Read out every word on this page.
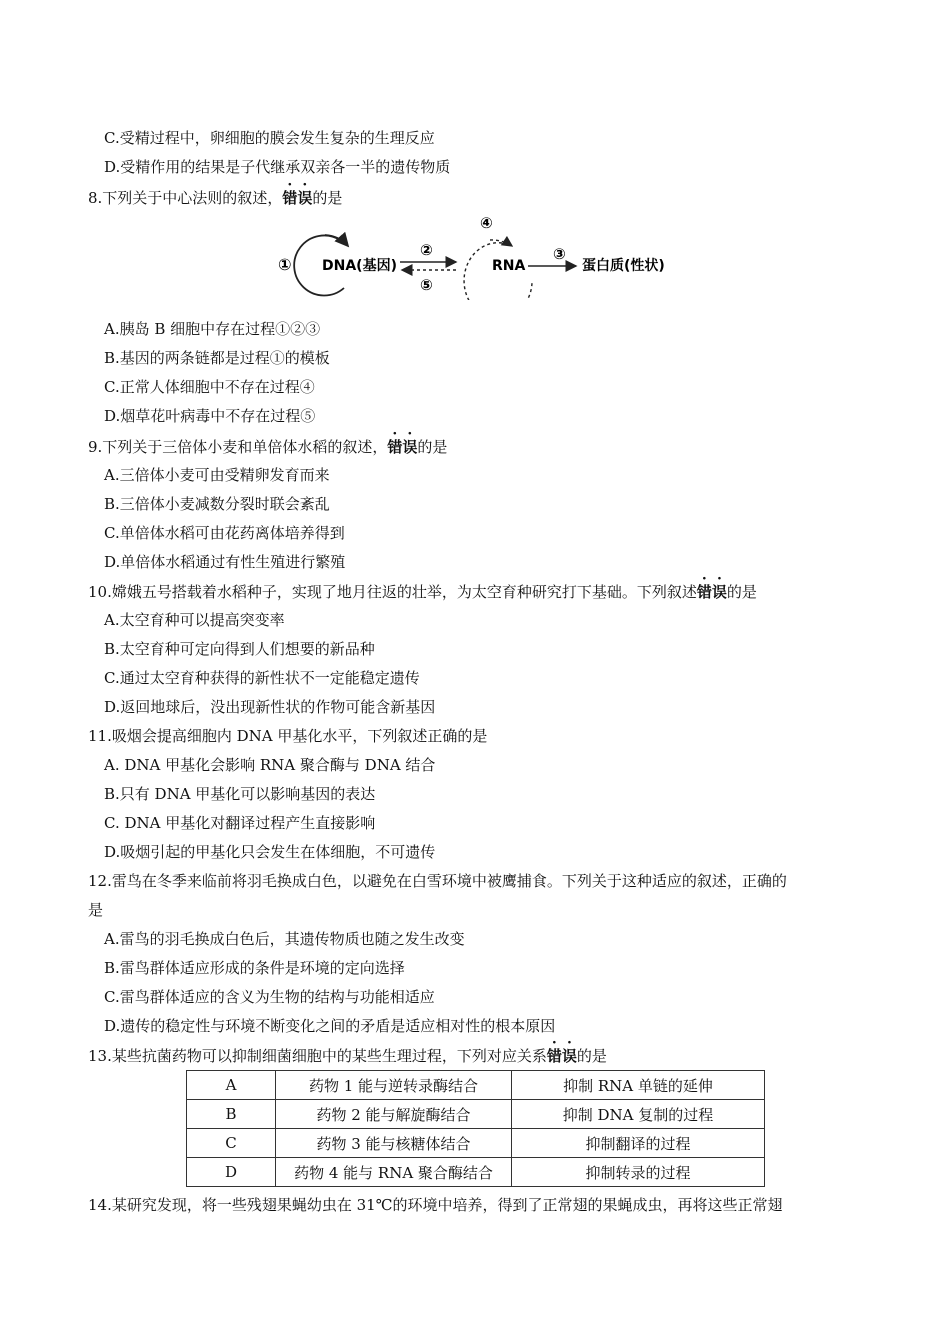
C.受精过程中，卵细胞的膜会发生复杂的生理反应
D.受精作用的结果是子代继承双亲各一半的遗传物质
8.下列关于中心法则的叙述，错误的是
① DNA(基因)
②
⑤
④
RNA
③
蛋白质(性状)
A.胰岛 B 细胞中存在过程①②③
B.基因的两条链都是过程①的模板
C.正常人体细胞中不存在过程④
D.烟草花叶病毒中不存在过程⑤
9.下列关于三倍体小麦和单倍体水稻的叙述，错误的是
A.三倍体小麦可由受精卵发育而来
B.三倍体小麦减数分裂时联会紊乱
C.单倍体水稻可由花药离体培养得到
D.单倍体水稻通过有性生殖进行繁殖
10.嫦娥五号搭载着水稻种子，实现了地月往返的壮举，为太空育种研究打下基础。下列叙述错误的是
A.太空育种可以提高突变率
B.太空育种可定向得到人们想要的新品种
C.通过太空育种获得的新性状不一定能稳定遗传
D.返回地球后，没出现新性状的作物可能含新基因
11.吸烟会提高细胞内 DNA 甲基化水平，下列叙述正确的是
A. DNA 甲基化会影响 RNA 聚合酶与 DNA 结合
B.只有 DNA 甲基化可以影响基因的表达
C. DNA 甲基化对翻译过程产生直接影响
D.吸烟引起的甲基化只会发生在体细胞，不可遗传
12.雷鸟在冬季来临前将羽毛换成白色，以避免在白雪环境中被鹰捕食。下列关于这种适应的叙述，正确的
是
A.雷鸟的羽毛换成白色后，其遗传物质也随之发生改变
B.雷鸟群体适应形成的条件是环境的定向选择
C.雷鸟群体适应的含义为生物的结构与功能相适应
D.遗传的稳定性与环境不断变化之间的矛盾是适应相对性的根本原因
13.某些抗菌药物可以抑制细菌细胞中的某些生理过程，下列对应关系错误的是
A	药物 1 能与逆转录酶结合	抑制 RNA 单链的延伸
B	药物 2 能与解旋酶结合	抑制 DNA 复制的过程
C	药物 3 能与核糖体结合	抑制翻译的过程
D	药物 4 能与 RNA 聚合酶结合	抑制转录的过程
14.某研究发现，将一些残翅果蝇幼虫在 31℃的环境中培养，得到了正常翅的果蝇成虫，再将这些正常翅
